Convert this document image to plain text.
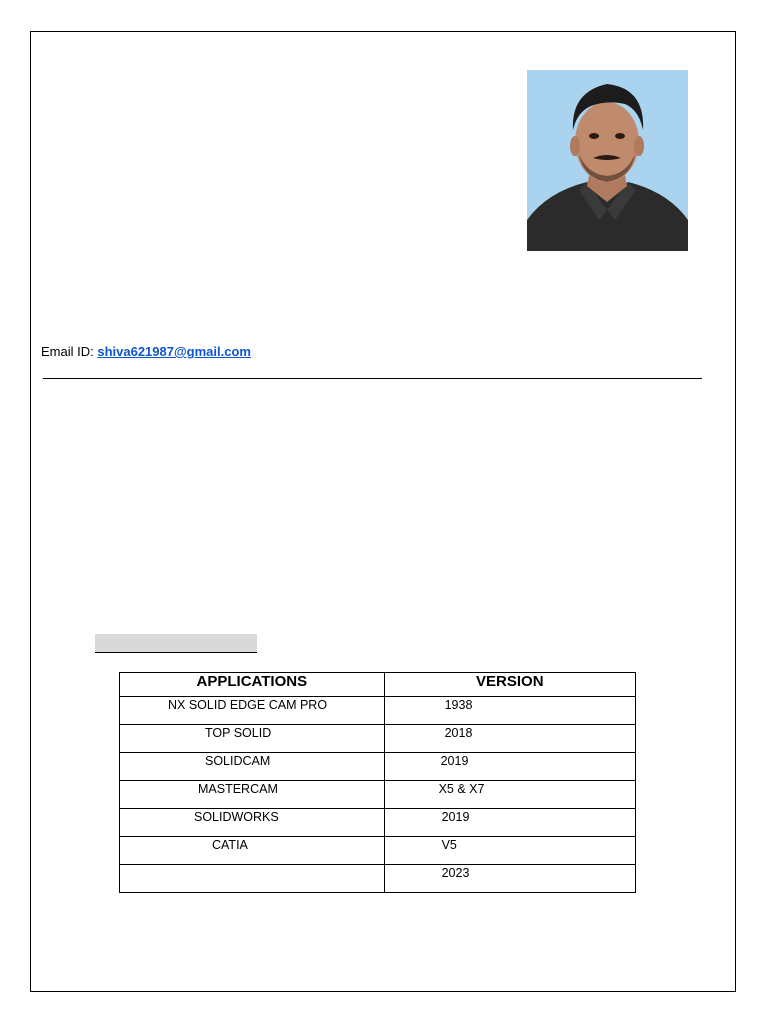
Email ID: shiva621987@gmail.com
APPLICATIONS	VERSION
NX SOLID EDGE CAM PRO	1938
TOP SOLID	2018
SOLIDCAM	2019
MASTERCAM	X5 & X7
SOLIDWORKS	2019
CATIA	V5
	2023
